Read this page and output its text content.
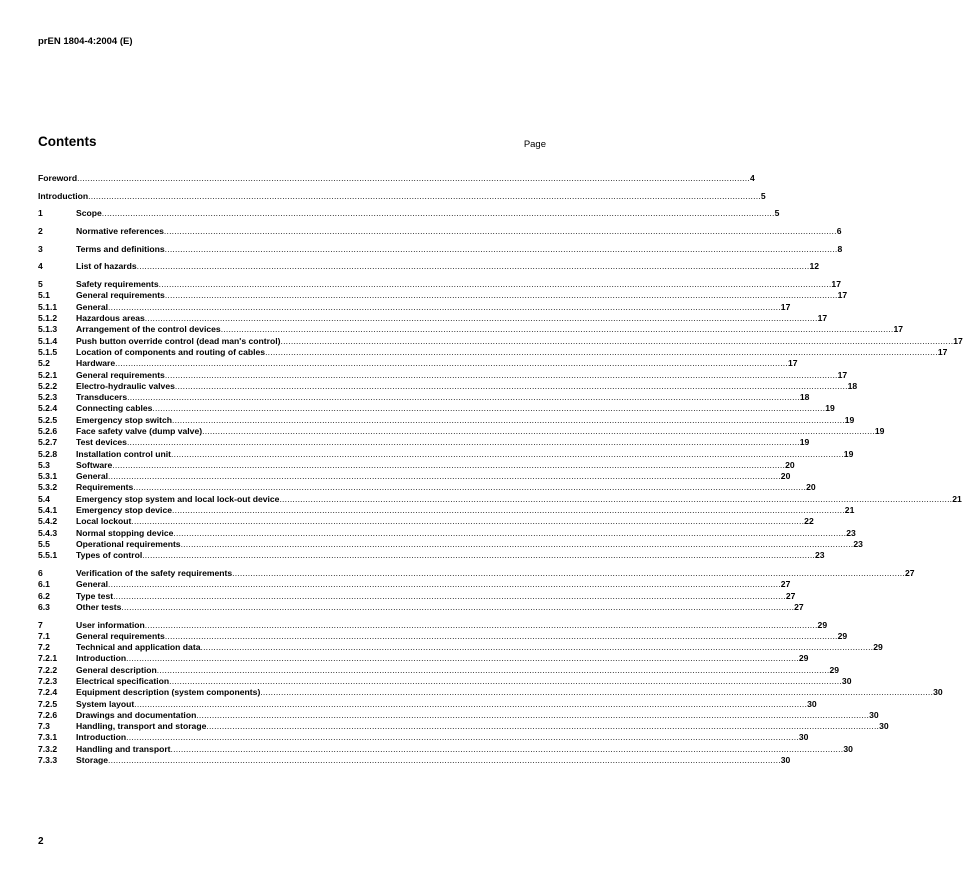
prEN 1804-4:2004 (E)
Contents	Page
Foreword .................................................................................................................................................................................................................................................................... 4
Introduction .................................................................................................................................................................................................................................................................... 5
1	Scope .................................................................................................................................................................................................................................................................... 5
2	Normative references .................................................................................................................................................................................................................................................................... 6
3	Terms and definitions .................................................................................................................................................................................................................................................................... 8
4	List of hazards .................................................................................................................................................................................................................................................................... 12
5	Safety requirements .................................................................................................................................................................................................................................................................... 17
5.1	General requirements .................................................................................................................................................................................................................................................................... 17
5.1.1 General .................................................................................................................................................................................................................................................................... 17
5.1.2 Hazardous areas .................................................................................................................................................................................................................................................................... 17
5.1.3 Arrangement of the control devices .................................................................................................................................................................................................................................................................... 17
5.1.4 Push button override control (dead man's control) .................................................................................................................................................................................................................................................................... 17
5.1.5 Location of components and routing of cables .................................................................................................................................................................................................................................................................... 17
5.2	Hardware .................................................................................................................................................................................................................................................................... 17
5.2.1 General requirements .................................................................................................................................................................................................................................................................... 17
5.2.2 Electro-hydraulic valves .................................................................................................................................................................................................................................................................... 18
5.2.3 Transducers .................................................................................................................................................................................................................................................................... 18
5.2.4 Connecting cables .................................................................................................................................................................................................................................................................... 19
5.2.5 Emergency stop switch .................................................................................................................................................................................................................................................................... 19
5.2.6 Face safety valve (dump valve) .................................................................................................................................................................................................................................................................... 19
5.2.7 Test devices .................................................................................................................................................................................................................................................................... 19
5.2.8 Installation control unit .................................................................................................................................................................................................................................................................... 19
5.3	Software .................................................................................................................................................................................................................................................................... 20
5.3.1 General .................................................................................................................................................................................................................................................................... 20
5.3.2 Requirements .................................................................................................................................................................................................................................................................... 20
5.4	Emergency stop system and local lock-out device .................................................................................................................................................................................................................................................................... 21
5.4.1 Emergency stop device .................................................................................................................................................................................................................................................................... 21
5.4.2 Local lockout .................................................................................................................................................................................................................................................................... 22
5.4.3 Normal stopping device .................................................................................................................................................................................................................................................................... 23
5.5	Operational requirements .................................................................................................................................................................................................................................................................... 23
5.5.1 Types of control .................................................................................................................................................................................................................................................................... 23
6	Verification of the safety requirements .................................................................................................................................................................................................................................................................... 27
6.1	General .................................................................................................................................................................................................................................................................... 27
6.2	Type test .................................................................................................................................................................................................................................................................... 27
6.3	Other tests .................................................................................................................................................................................................................................................................... 27
7	User information .................................................................................................................................................................................................................................................................... 29
7.1	General requirements .................................................................................................................................................................................................................................................................... 29
7.2	Technical and application data .................................................................................................................................................................................................................................................................... 29
7.2.1 Introduction .................................................................................................................................................................................................................................................................... 29
7.2.2 General description .................................................................................................................................................................................................................................................................... 29
7.2.3 Electrical specification .................................................................................................................................................................................................................................................................... 30
7.2.4 Equipment description (system components) .................................................................................................................................................................................................................................................................... 30
7.2.5 System layout .................................................................................................................................................................................................................................................................... 30
7.2.6 Drawings and documentation .................................................................................................................................................................................................................................................................... 30
7.3	Handling, transport and storage .................................................................................................................................................................................................................................................................... 30
7.3.1 Introduction .................................................................................................................................................................................................................................................................... 30
7.3.2 Handling and transport .................................................................................................................................................................................................................................................................... 30
7.3.3 Storage .................................................................................................................................................................................................................................................................... 30
2
